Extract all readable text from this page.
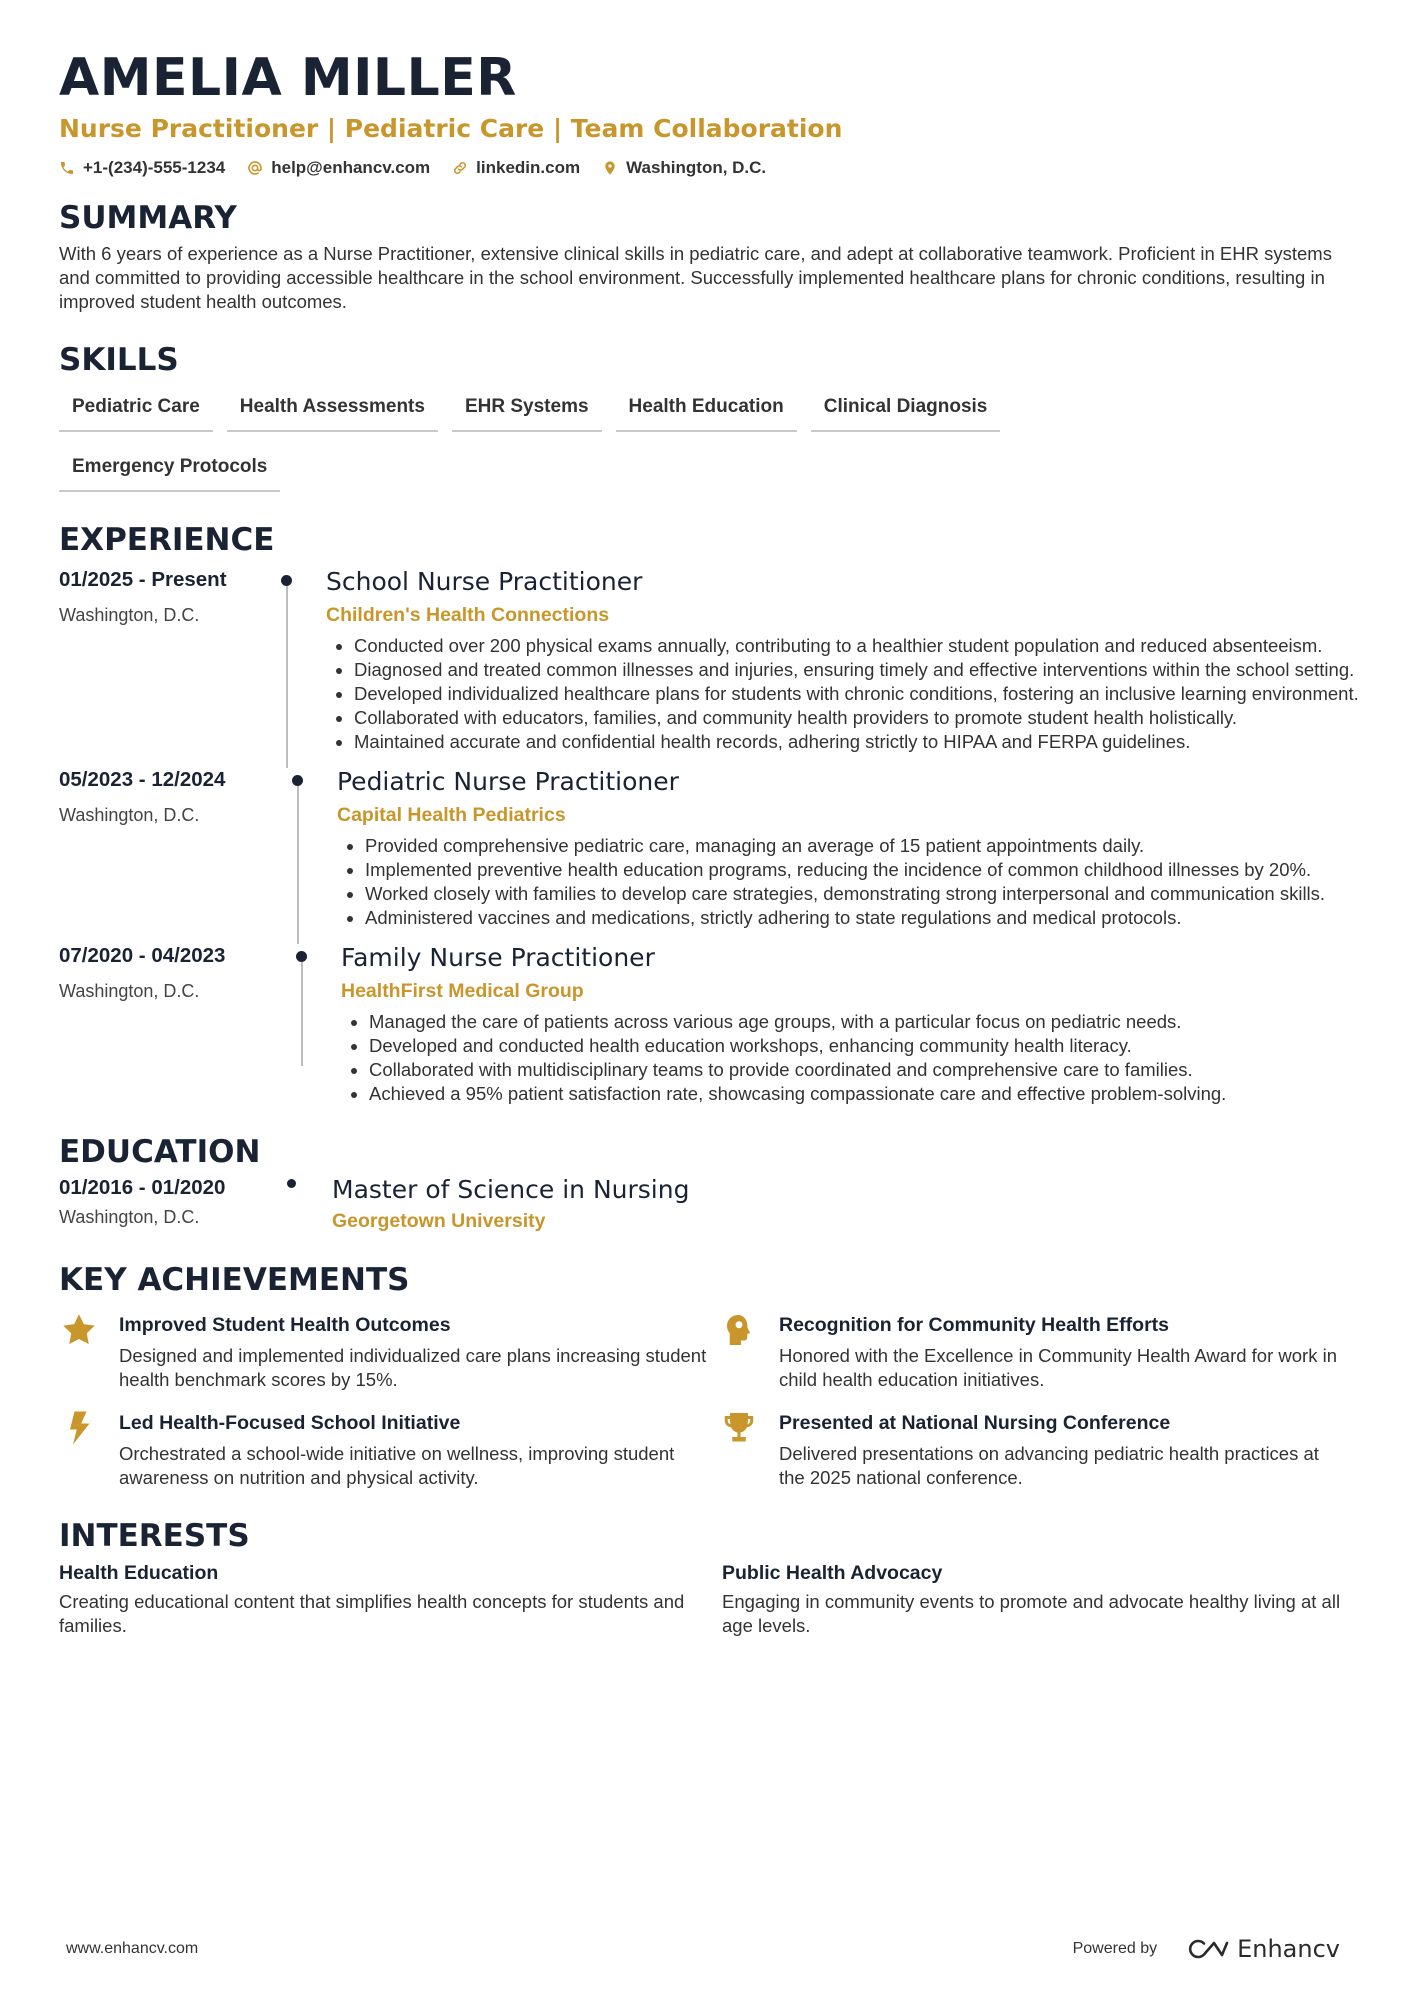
AMELIA MILLER
Nurse Practitioner | Pediatric Care | Team Collaboration
+1-(234)-555-1234	help@enhancv.com	linkedin.com	Washington, D.C.
SUMMARY

With 6 years of experience as a Nurse Practitioner, extensive clinical skills in pediatric care, and adept at collaborative teamwork. Proficient in EHR systems and committed to providing accessible healthcare in the school environment. Successfully implemented healthcare plans for chronic conditions, resulting in improved student health outcomes.

SKILLS
Pediatric Care	Health Assessments	EHR Systems	Health Education	Clinical Diagnosis
Emergency Protocols
EXPERIENCE
01/2025 - Present
Washington, D.C.
School Nurse Practitioner
Children's Health Connections
• Conducted over 200 physical exams annually, contributing to a healthier student population and reduced absenteeism.
• Diagnosed and treated common illnesses and injuries, ensuring timely and effective interventions within the school setting.
• Developed individualized healthcare plans for students with chronic conditions, fostering an inclusive learning environment.
• Collaborated with educators, families, and community health providers to promote student health holistically.
• Maintained accurate and confidential health records, adhering strictly to HIPAA and FERPA guidelines.
05/2023 - 12/2024
Washington, D.C.
Pediatric Nurse Practitioner
Capital Health Pediatrics
• Provided comprehensive pediatric care, managing an average of 15 patient appointments daily.
• Implemented preventive health education programs, reducing the incidence of common childhood illnesses by 20%.
• Worked closely with families to develop care strategies, demonstrating strong interpersonal and communication skills.
• Administered vaccines and medications, strictly adhering to state regulations and medical protocols.
07/2020 - 04/2023
Washington, D.C.
Family Nurse Practitioner
HealthFirst Medical Group
• Managed the care of patients across various age groups, with a particular focus on pediatric needs.
• Developed and conducted health education workshops, enhancing community health literacy.
• Collaborated with multidisciplinary teams to provide coordinated and comprehensive care to families.
• Achieved a 95% patient satisfaction rate, showcasing compassionate care and effective problem-solving.
EDUCATION
01/2016 - 01/2020
Washington, D.C.
Master of Science in Nursing
Georgetown University
KEY ACHIEVEMENTS
Improved Student Health Outcomes
Designed and implemented individualized care plans increasing student health benchmark scores by 15%.
Recognition for Community Health Efforts
Honored with the Excellence in Community Health Award for work in child health education initiatives.
Led Health-Focused School Initiative
Orchestrated a school-wide initiative on wellness, improving student awareness on nutrition and physical activity.
Presented at National Nursing Conference
Delivered presentations on advancing pediatric health practices at the 2025 national conference.
INTERESTS
Health Education
Creating educational content that simplifies health concepts for students and families.
Public Health Advocacy
Engaging in community events to promote and advocate healthy living at all age levels.
www.enhancv.com	Powered by	Enhancv
